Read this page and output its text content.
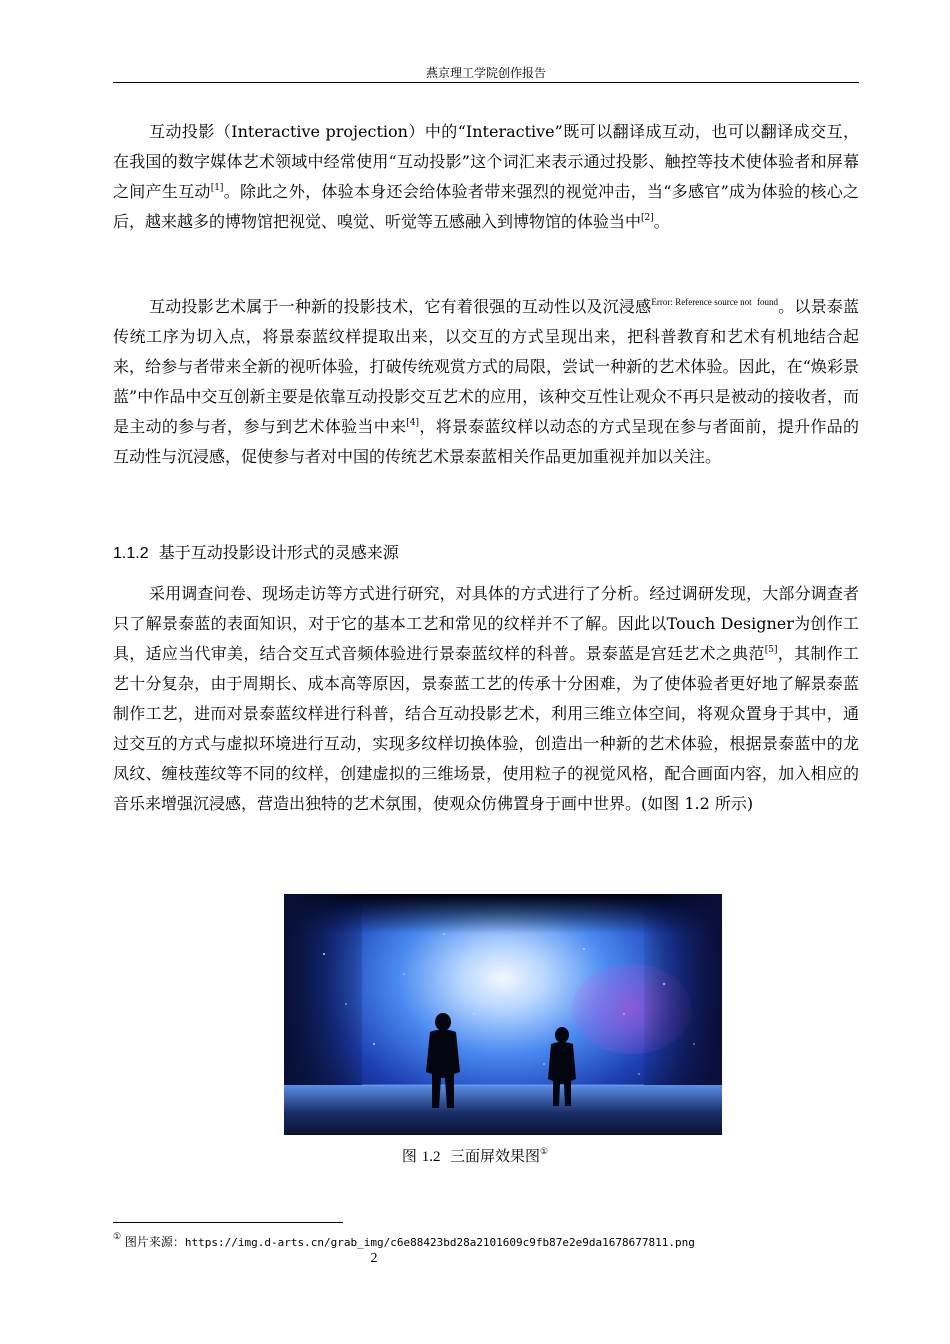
燕京理工学院创作报告

互动投影（Interactive projection）中的“Interactive”既可以翻译成互动，也可以翻译成交互，在我国的数字媒体艺术领域中经常使用“互动投影”这个词汇来表示通过投影、触控等技术使体验者和屏幕之间产生互动[1]。除此之外，体验本身还会给体验者带来强烈的视觉冲击，当“多感官”成为体验的核心之后，越来越多的博物馆把视觉、嗅觉、听觉等五感融入到博物馆的体验当中[2]。

互动投影艺术属于一种新的投影技术，它有着很强的互动性以及沉浸感$^{Error: Reference source not}$ $^{found}$。以景泰蓝传统工序为切入点，将景泰蓝纹样提取出来，以交互的方式呈现出来，把科普教育和艺术有机地结合起来，给参与者带来全新的视听体验，打破传统观赏方式的局限，尝试一种新的艺术体验。因此，在“焕彩景蓝”中作品中交互创新主要是依靠互动投影交互艺术的应用，该种交互性让观众不再只是被动的接收者，而是主动的参与者，参与到艺术体验当中来[4]，将景泰蓝纹样以动态的方式呈现在参与者面前，提升作品的互动性与沉浸感，促使参与者对中国的传统艺术景泰蓝相关作品更加重视并加以关注。

1.1.2 基于互动投影设计形式的灵感来源

采用调查问卷、现场走访等方式进行研究，对具体的方式进行了分析。经过调研发现，大部分调查者只了解景泰蓝的表面知识，对于它的基本工艺和常见的纹样并不了解。因此以Touch Designer为创作工具，适应当代审美，结合交互式音频体验进行景泰蓝纹样的科普。景泰蓝是宫廷艺术之典范[5]，其制作工艺十分复杂，由于周期长、成本高等原因，景泰蓝工艺的传承十分困难，为了使体验者更好地了解景泰蓝制作工艺，进而对景泰蓝纹样进行科普，结合互动投影艺术，利用三维立体空间，将观众置身于其中，通过交互的方式与虚拟环境进行互动，实现多纹样切换体验，创造出一种新的艺术体验，根据景泰蓝中的龙凤纹、缠枝莲纹等不同的纹样，创建虚拟的三维场景，使用粒子的视觉风格，配合画面内容，加入相应的音乐来增强沉浸感，营造出独特的艺术氛围，使观众仿佛置身于画中世界。(如图 1.2 所示)

图 1.2 三面屏效果图①
① 图片来源：https://img.d-arts.cn/grab_img/c6e88423bd28a2101609c9fb87e2e9da1678677811.png
2
